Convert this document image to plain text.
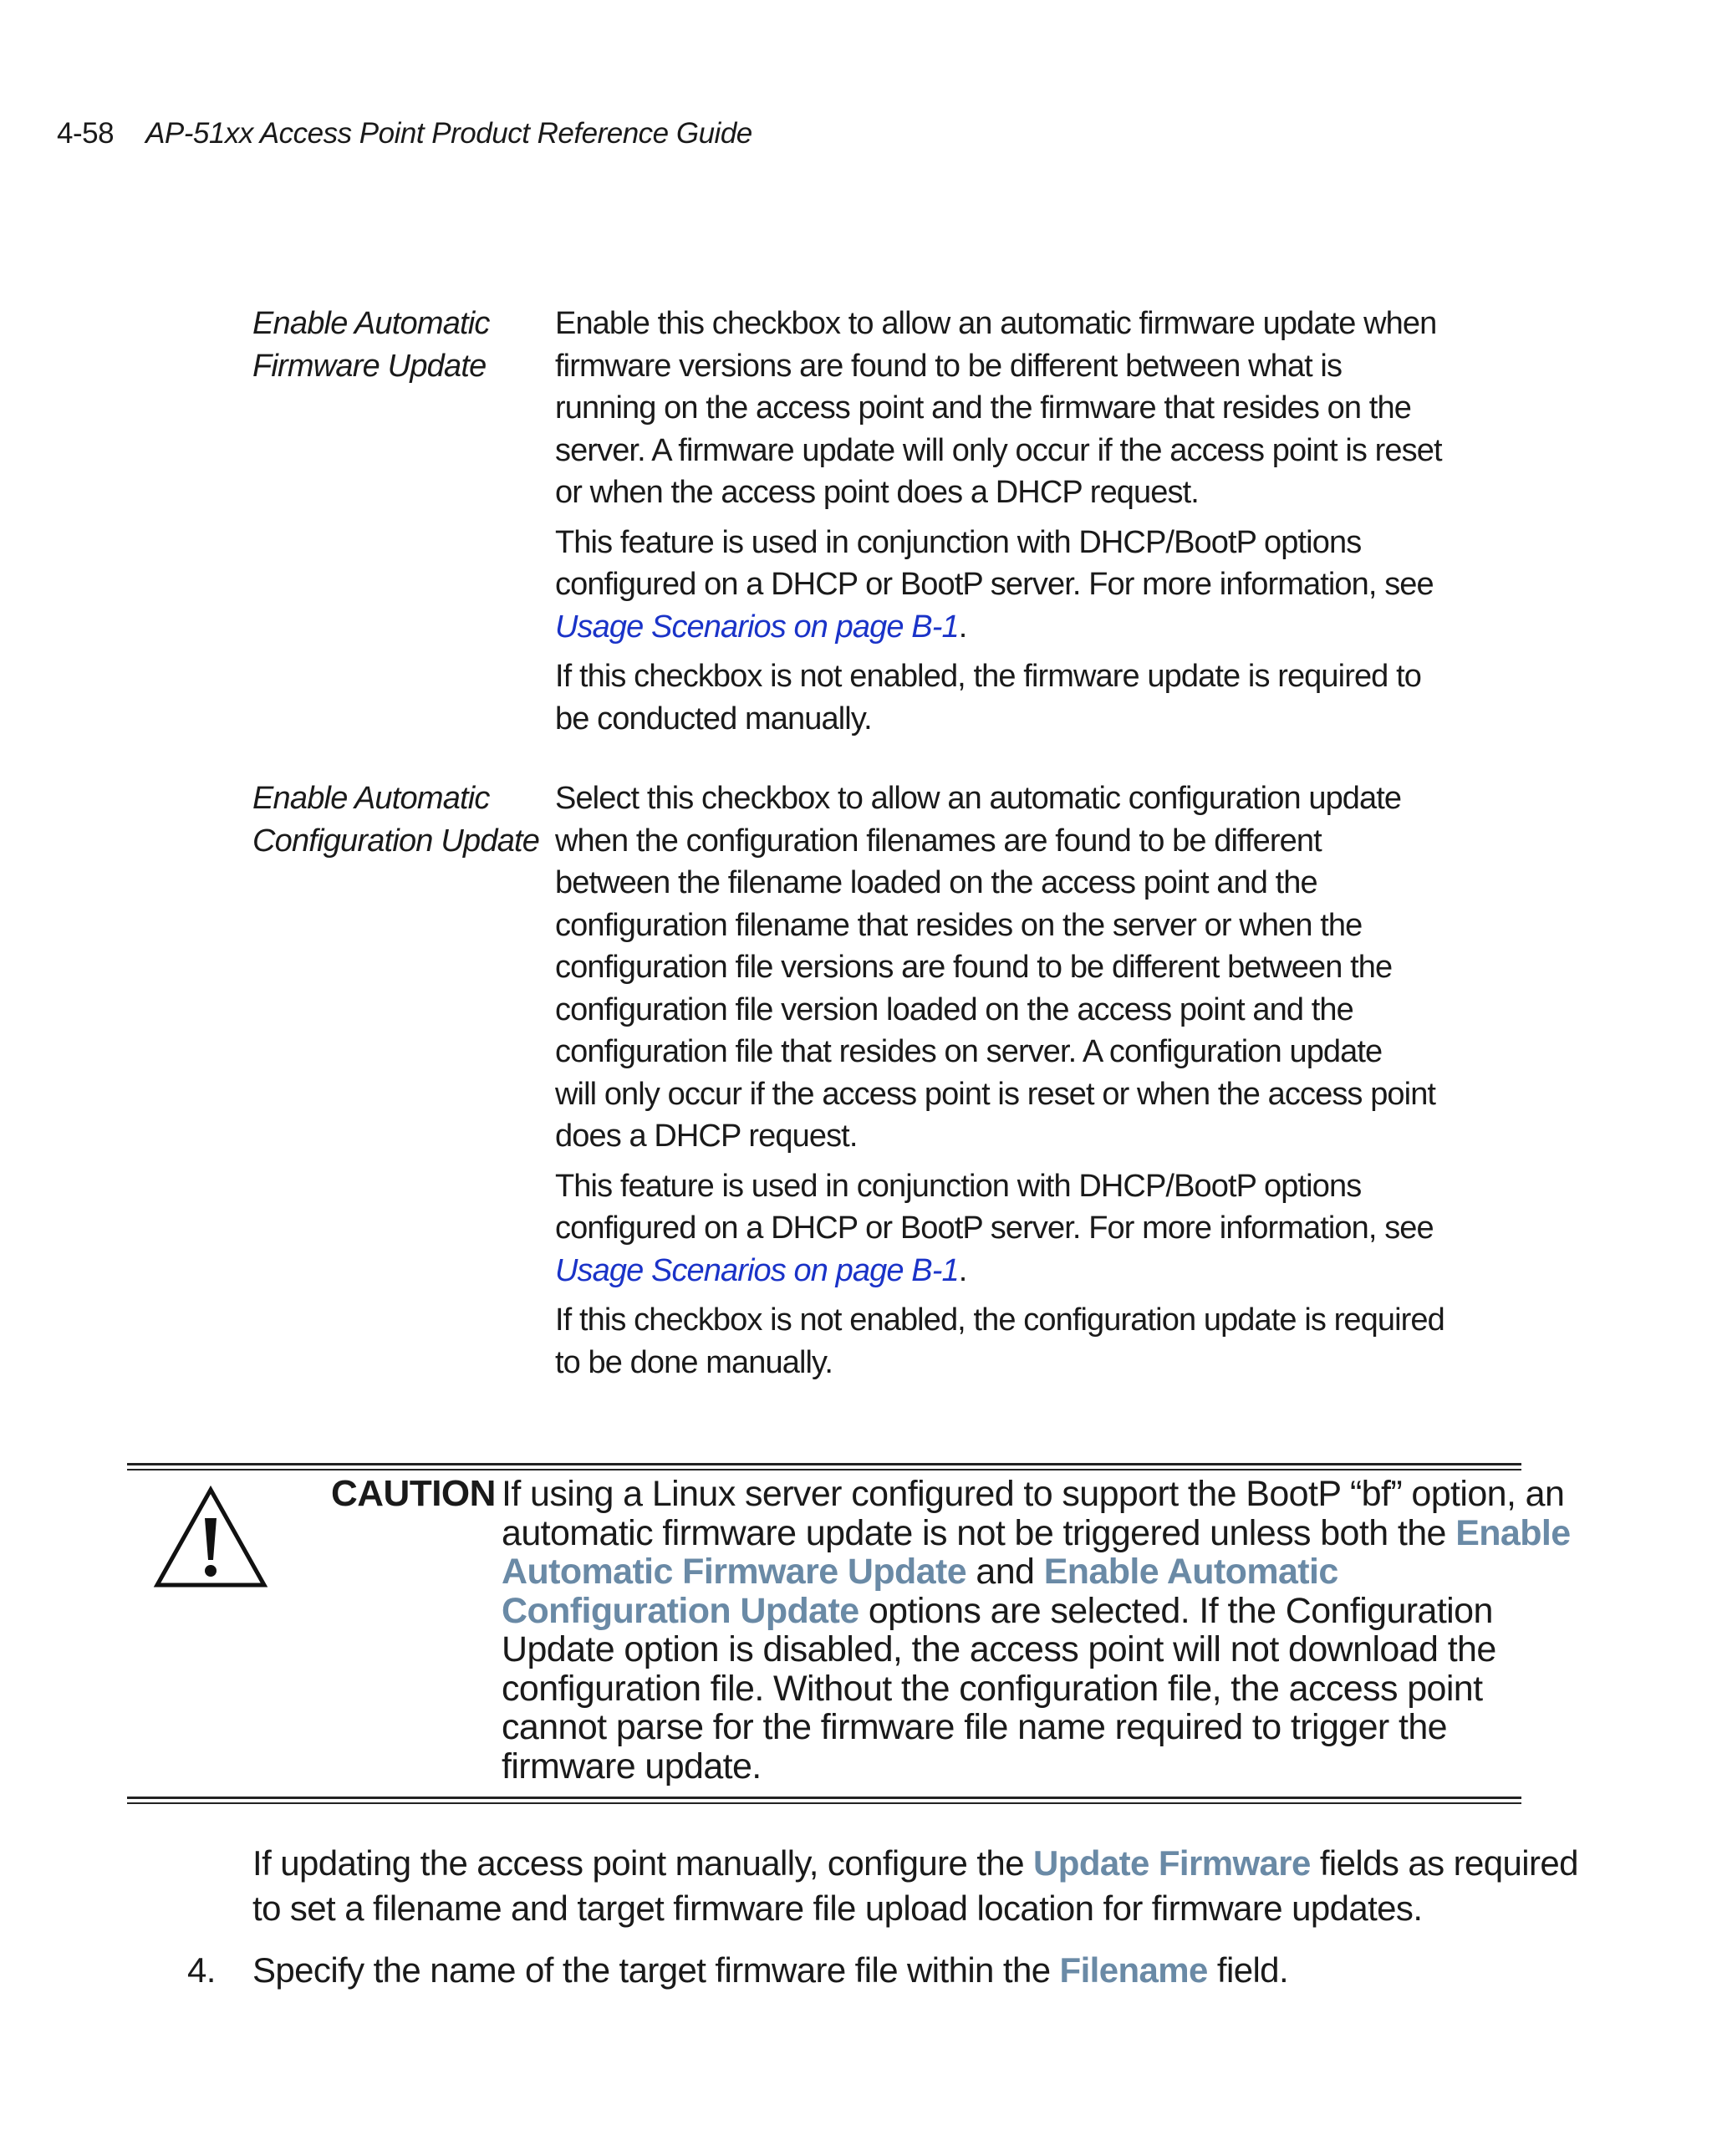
4-58 AP-51xx Access Point Product Reference Guide
Enable Automatic
Firmware Update

Enable this checkbox to allow an automatic firmware update when
firmware versions are found to be different between what is
running on the access point and the firmware that resides on the
server. A firmware update will only occur if the access point is reset
or when the access point does a DHCP request.

This feature is used in conjunction with DHCP/BootP options
configured on a DHCP or BootP server. For more information, see
Usage Scenarios on page B-1.

If this checkbox is not enabled, the firmware update is required to
be conducted manually.

Enable Automatic
Configuration Update

Select this checkbox to allow an automatic configuration update
when the configuration filenames are found to be different
between the filename loaded on the access point and the
configuration filename that resides on the server or when the
configuration file versions are found to be different between the
configuration file version loaded on the access point and the
configuration file that resides on server. A configuration update
will only occur if the access point is reset or when the access point
does a DHCP request.

This feature is used in conjunction with DHCP/BootP options
configured on a DHCP or BootP server. For more information, see
Usage Scenarios on page B-1.

If this checkbox is not enabled, the configuration update is required
to be done manually.

CAUTION If using a Linux server configured to support the BootP “bf” option, an
automatic firmware update is not be triggered unless both the Enable
Automatic Firmware Update and Enable Automatic
Configuration Update options are selected. If the Configuration
Update option is disabled, the access point will not download the
configuration file. Without the configuration file, the access point
cannot parse for the firmware file name required to trigger the
firmware update.
If updating the access point manually, configure the Update Firmware fields as required
to set a filename and target firmware file upload location for firmware updates.
4. Specify the name of the target firmware file within the Filename field.
